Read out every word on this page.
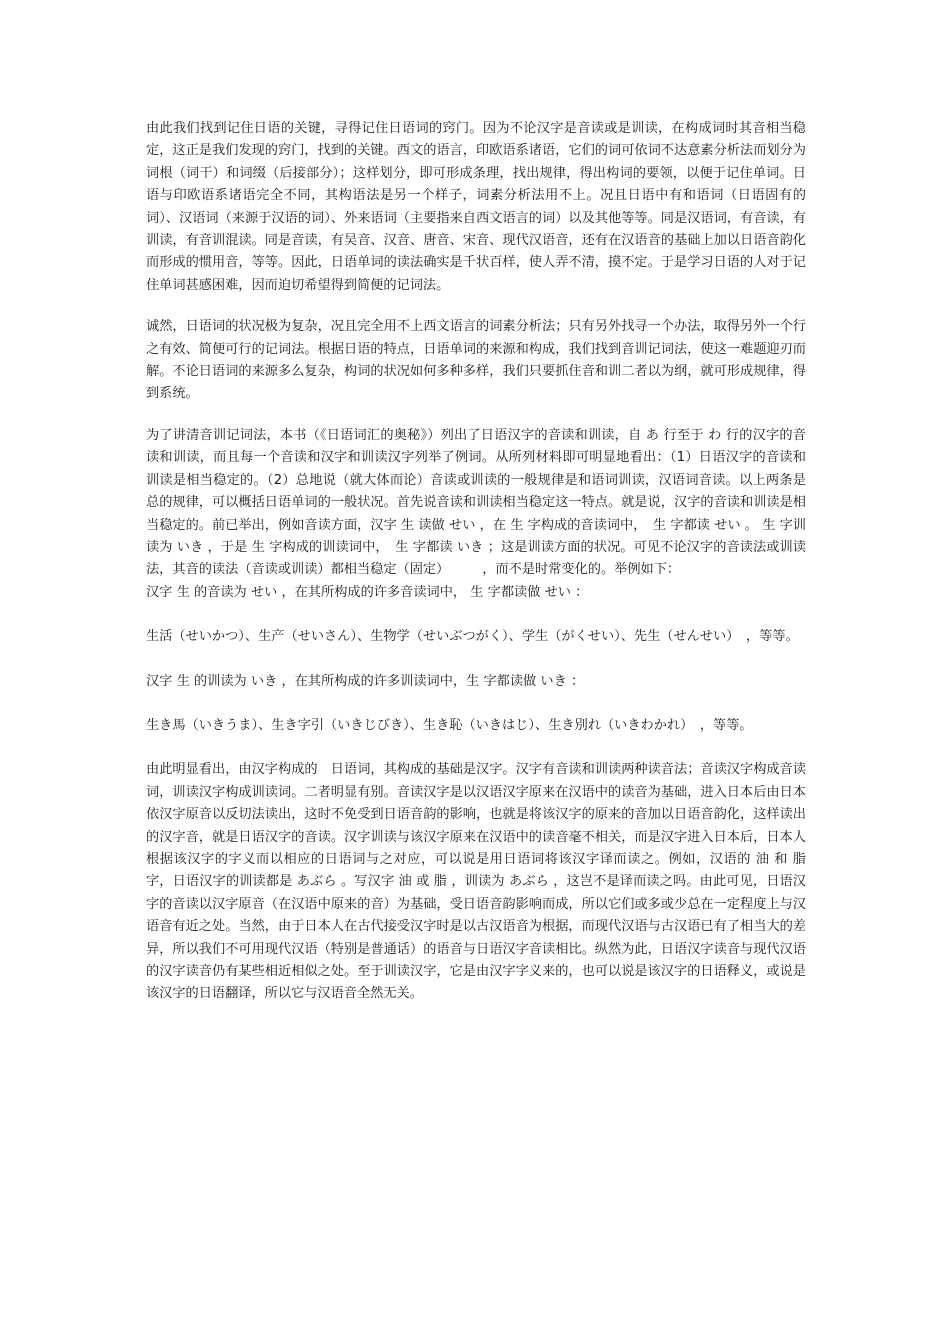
由此我们找到记住日语的关键，寻得记住日语词的窍门。因为不论汉字是音读或是训读，在构成词时其音相当稳定，这正是我们发现的窍门，找到的关键。西文的语言，印欧语系诸语，它们的词可依词不达意素分析法而划分为词根（词干）和词缀（后接部分）；这样划分，即可形成条理，找出规律，得出构词的要领，以便于记住单词。日语与印欧语系诸语完全不同，其构语法是另一个样子，词素分析法用不上。况且日语中有和语词（日语固有的词）、汉语词（来源于汉语的词）、外来语词（主要指来自西文语言的词）以及其他等等。同是汉语词，有音读，有训读，有音训混读。同是音读，有吴音、汉音、唐音、宋音、现代汉语音，还有在汉语音的基础上加以日语音韵化而形成的惯用音，等等。因此，日语单词的读法确实是千状百样，使人弄不清，摸不定。于是学习日语的人对于记住单词甚感困难，因而迫切希望得到简便的记词法。

诚然，日语词的状况极为复杂，况且完全用不上西文语言的词素分析法；只有另外找寻一个办法，取得另外一个行之有效、简便可行的记词法。根据日语的特点，日语单词的来源和构成，我们找到音训记词法，使这一难题迎刃而解。不论日语词的来源多么复杂，构词的状况如何多种多样，我们只要抓住音和训二者以为纲，就可形成规律，得到系统。

为了讲清音训记词法，本书（《日语词汇的奥秘》）列出了日语汉字的音读和训读，自 あ 行至于 わ 行的汉字的音读和训读，而且每一个音读和汉字和训读汉字列举了例词。从所列材料即可明显地看出：（1）日语汉字的音读和训读是相当稳定的。（2）总地说（就大体而论）音读或训读的一般规律是和语词训读，汉语词音读。以上两条是总的规律，可以概括日语单词的一般状况。首先说音读和训读相当稳定这一特点。就是说，汉字的音读和训读是相当稳定的。前已举出，例如音读方面，汉字 生 读做 せい ，在 生 字构成的音读词中，　生 字都读 せい 。 生 字训读为 いき ，于是 生 字构成的训读词中，　生 字都读 いき ；这是训读方面的状况。可见不论汉字的音读法或训读法，其音的读法（音读或训读）都相当稳定（固定）　　　，而不是时常变化的。举例如下：

汉字 生 的音读为 せい ，在其所构成的许多音读词中， 生 字都读做 せい ：

生活（せいかつ）、生产（せいさん）、生物学（せいぶつがく）、学生（がくせい）、先生（せんせい）　，等等。

汉字 生 的训读为 いき ，在其所构成的许多训读词中，生 字都读做 いき ：

生き馬（いきうま）、生き字引（いきじびき）、生き恥（いきはじ）、生き別れ（いきわかれ）　，等等。

由此明显看出，由汉字构成的　日语词，其构成的基础是汉字。汉字有音读和训读两种读音法；音读汉字构成音读词，训读汉字构成训读词。二者明显有别。音读汉字是以汉语汉字原来在汉语中的读音为基础，进入日本后由日本依汉字原音以反切法读出，这时不免受到日语音韵的影响，也就是将该汉字的原来的音加以日语音韵化，这样读出的汉字音，就是日语汉字的音读。汉字训读与该汉字原来在汉语中的读音毫不相关，而是汉字进入日本后，日本人根据该汉字的字义而以相应的日语词与之对应，可以说是用日语词将该汉字译而读之。例如，汉语的 油 和 脂 字，日语汉字的训读都是 あぶら 。写汉字 油 或 脂 ，训读为 あぶら ，这岂不是译而读之吗。由此可见，日语汉字的音读以汉字原音（在汉语中原来的音）为基础，受日语音韵影响而成，所以它们或多或少总在一定程度上与汉语音有近之处。当然，由于日本人在古代接受汉字时是以古汉语音为根据，而现代汉语与古汉语已有了相当大的差异，所以我们不可用现代汉语（特别是普通话）的语音与日语汉字音读相比。纵然为此，日语汉字读音与现代汉语的汉字读音仍有某些相近相似之处。至于训读汉字，它是由汉字字义来的，也可以说是该汉字的日语释义，或说是该汉字的日语翻译，所以它与汉语音全然无关。
